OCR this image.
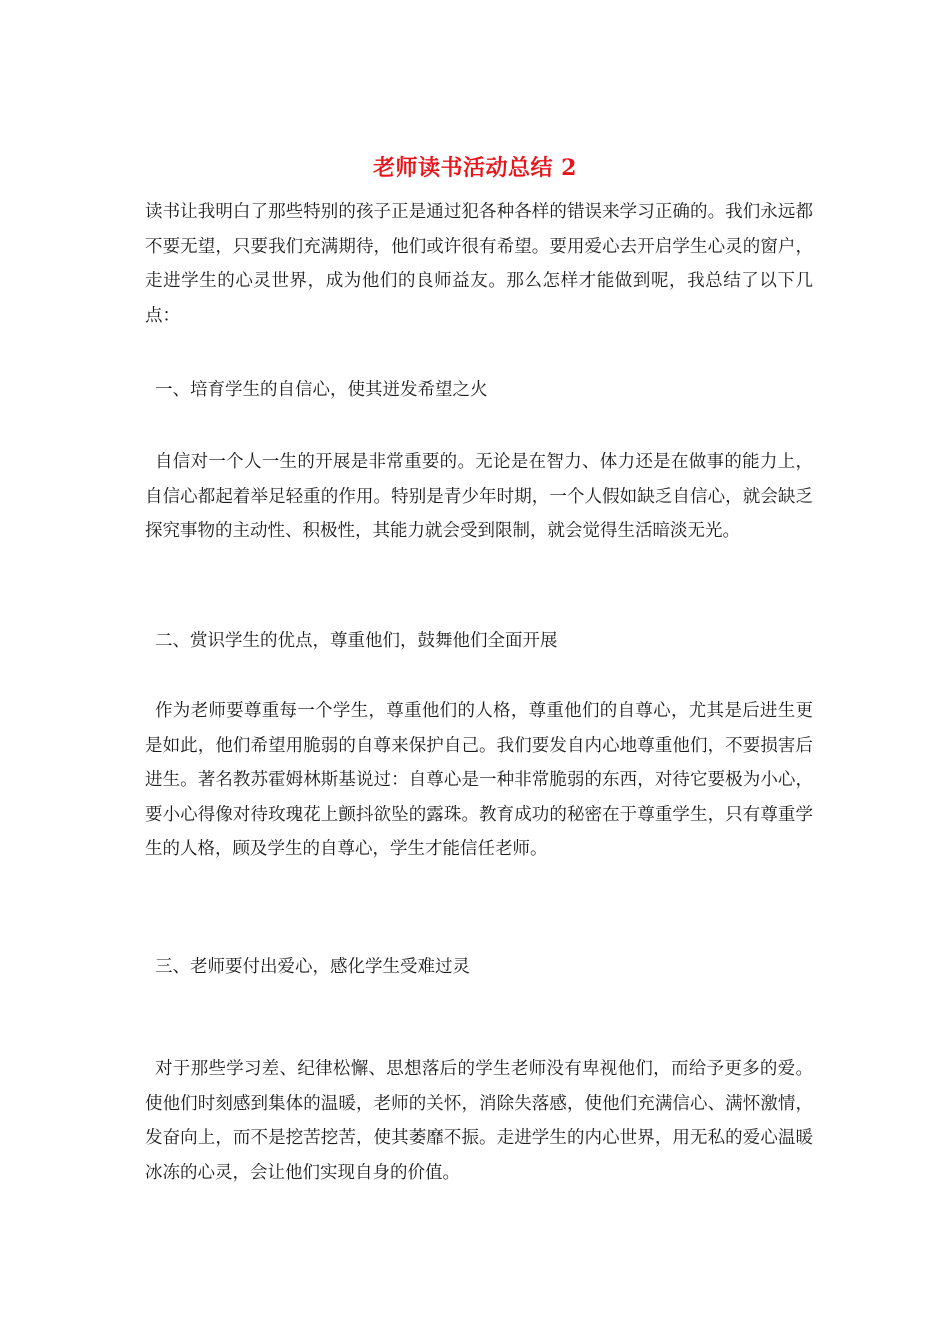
老师读书活动总结 2

读书让我明白了那些特别的孩子正是通过犯各种各样的错误来学习正确的。我们永远都不要无望，只要我们充满期待，他们或许很有希望。要用爱心去开启学生心灵的窗户，走进学生的心灵世界，成为他们的良师益友。那么怎样才能做到呢，我总结了以下几点：

一、培育学生的自信心，使其迸发希望之火

自信对一个人一生的开展是非常重要的。无论是在智力、体力还是在做事的能力上，自信心都起着举足轻重的作用。特别是青少年时期，一个人假如缺乏自信心，就会缺乏探究事物的主动性、积极性，其能力就会受到限制，就会觉得生活暗淡无光。

二、赏识学生的优点，尊重他们，鼓舞他们全面开展

作为老师要尊重每一个学生，尊重他们的人格，尊重他们的自尊心，尤其是后进生更是如此，他们希望用脆弱的自尊来保护自己。我们要发自内心地尊重他们，不要损害后进生。著名教苏霍姆林斯基说过：自尊心是一种非常脆弱的东西，对待它要极为小心，要小心得像对待玫瑰花上颤抖欲坠的露珠。教育成功的秘密在于尊重学生，只有尊重学生的人格，顾及学生的自尊心，学生才能信任老师。

三、老师要付出爱心，感化学生受难过灵

对于那些学习差、纪律松懈、思想落后的学生老师没有卑视他们，而给予更多的爱。使他们时刻感到集体的温暖，老师的关怀，消除失落感，使他们充满信心、满怀激情，发奋向上，而不是挖苦挖苦，使其萎靡不振。走进学生的内心世界，用无私的爱心温暖冰冻的心灵，会让他们实现自身的价值。
